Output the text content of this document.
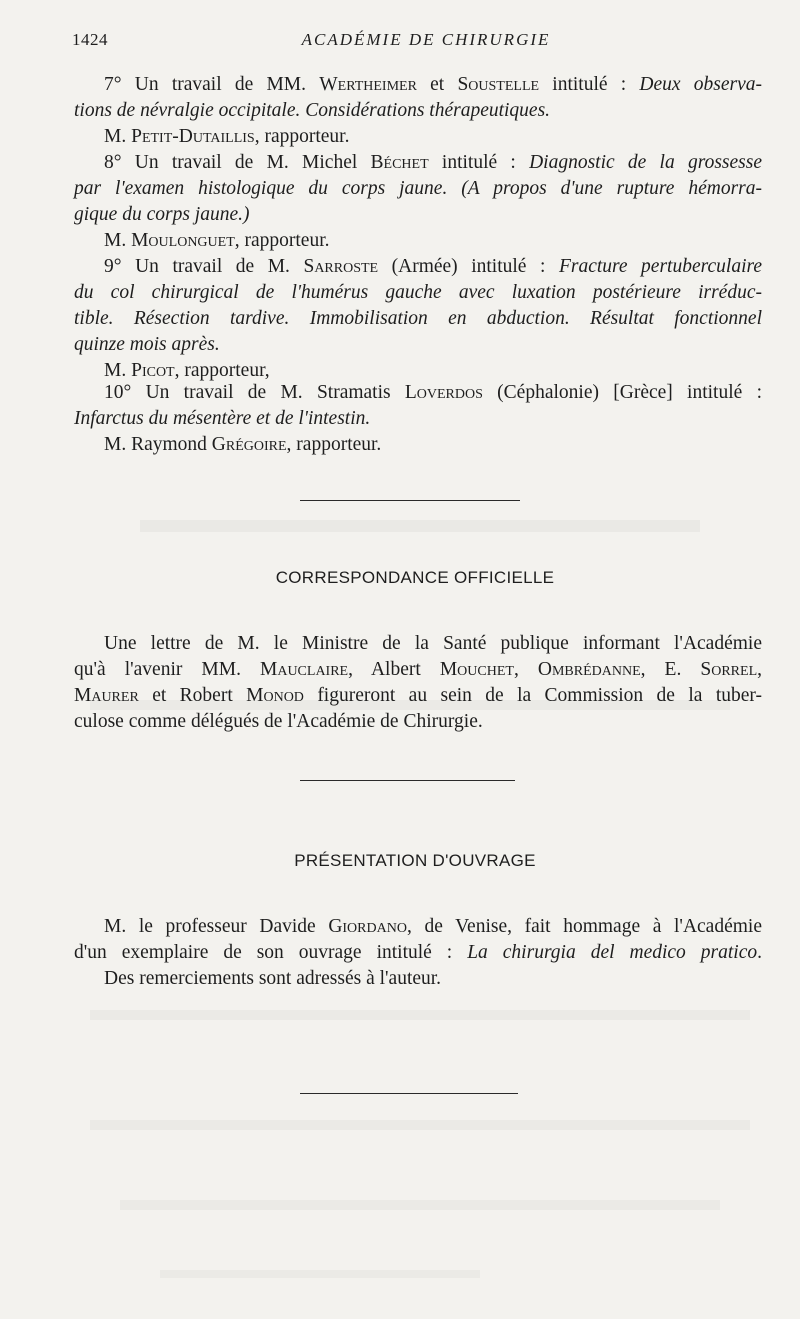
1424	ACADÉMIE DE CHIRURGIE
7° Un travail de MM. Wertheimer et Soustelle intitulé : Deux observa-
tions de névralgie occipitale. Considérations thérapeutiques.
M. Petit-Dutaillis, rapporteur.
8° Un travail de M. Michel Béchet intitulé : Diagnostic de la grossesse
par l'examen histologique du corps jaune. (A propos d'une rupture hémorra-
gique du corps jaune.)
M. Moulonguet, rapporteur.
9° Un travail de M. Sarroste (Armée) intitulé : Fracture pertuberculaire
du col chirurgical de l'humérus gauche avec luxation postérieure irréduc-
tible. Résection tardive. Immobilisation en abduction. Résultat fonctionnel
quinze mois après.
M. Picot, rapporteur,
10° Un travail de M. Stramatis Loverdos (Céphalonie) [Grèce] intitulé :
Infarctus du mésentère et de l'intestin.
M. Raymond Grégoire, rapporteur.
CORRESPONDANCE OFFICIELLE
Une lettre de M. le Ministre de la Santé publique informant l'Académie
qu'à l'avenir MM. Mauclaire, Albert Mouchet, Ombrédanne, E. Sorrel,
Maurer et Robert Monod figureront au sein de la Commission de la tuber-
culose comme délégués de l'Académie de Chirurgie.
PRÉSENTATION D'OUVRAGE
M. le professeur Davide Giordano, de Venise, fait hommage à l'Académie
d'un exemplaire de son ouvrage intitulé : La chirurgia del medico pratico.
Des remerciements sont adressés à l'auteur.
